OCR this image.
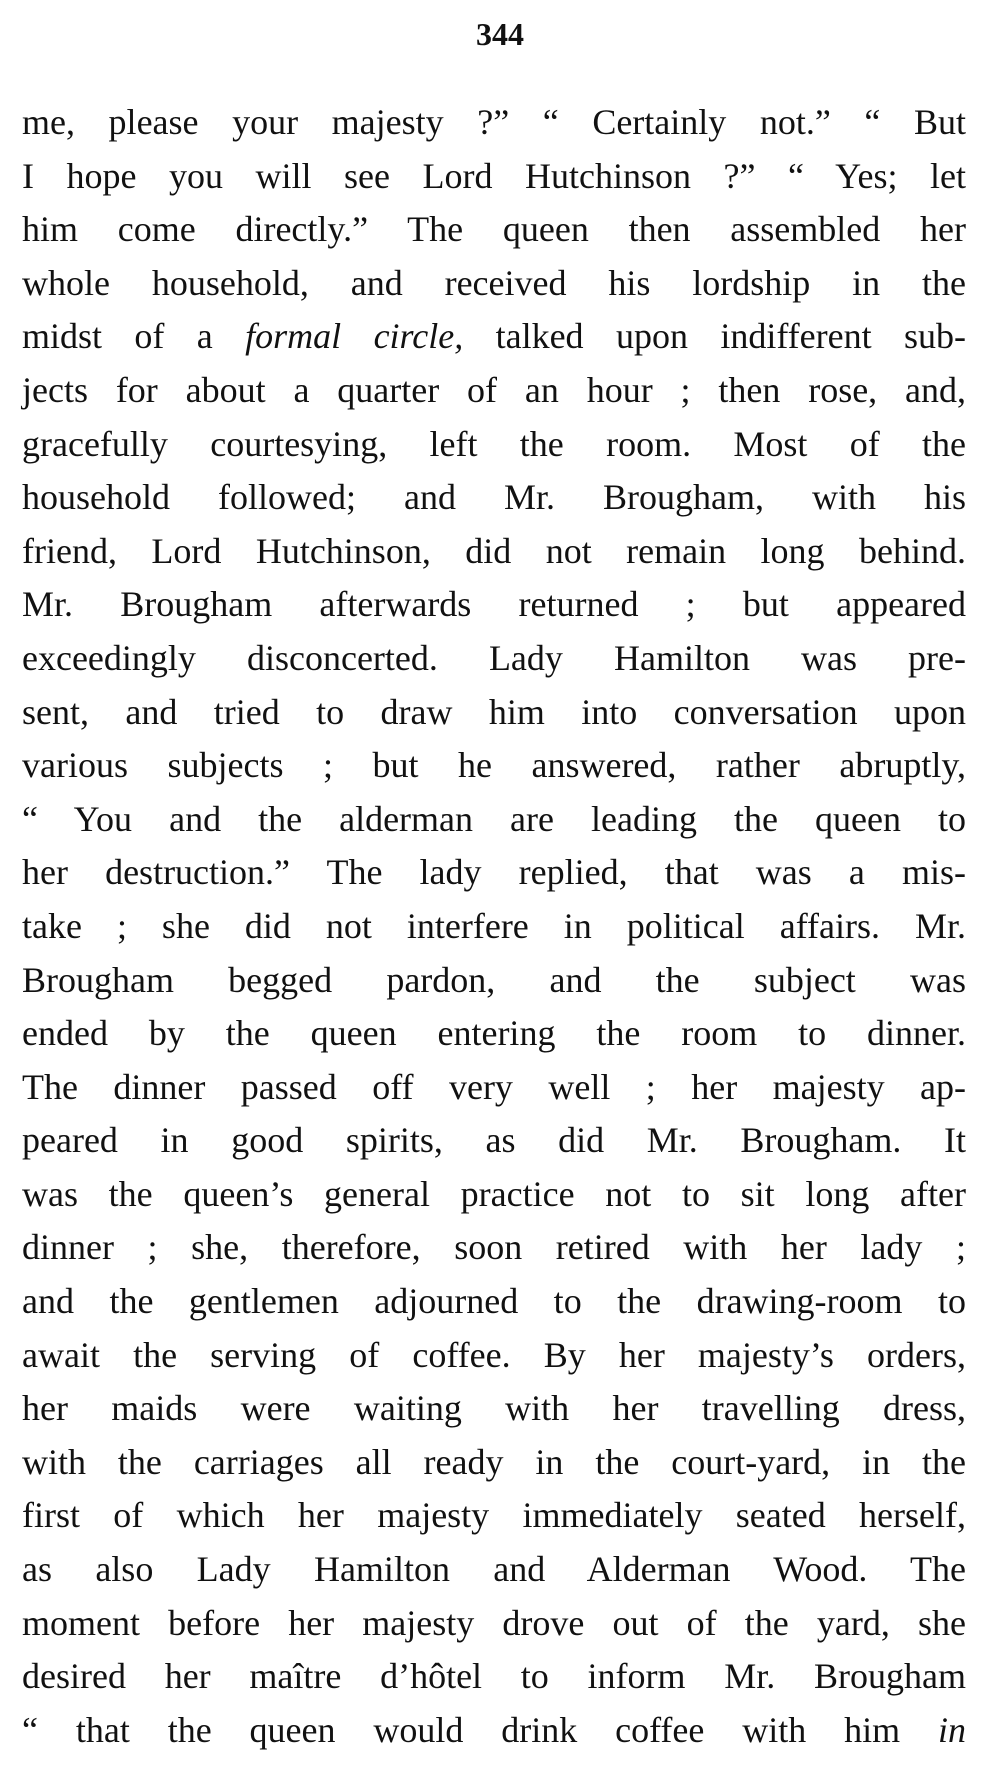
344
me, please your majesty ?” “ Certainly not.” “ But
I hope you will see Lord Hutchinson ?” “ Yes; let
him come directly.” The queen then assembled her
whole household, and received his lordship in the
midst of a formal circle, talked upon indifferent sub-
jects for about a quarter of an hour ; then rose, and,
gracefully courtesying, left the room. Most of the
household followed; and Mr. Brougham, with his
friend, Lord Hutchinson, did not remain long behind.
Mr. Brougham afterwards returned ; but appeared
exceedingly disconcerted. Lady Hamilton was pre-
sent, and tried to draw him into conversation upon
various subjects ; but he answered, rather abruptly,
“ You and the alderman are leading the queen to
her destruction.” The lady replied, that was a mis-
take ; she did not interfere in political affairs. Mr.
Brougham begged pardon, and the subject was
ended by the queen entering the room to dinner.
The dinner passed off very well ; her majesty ap-
peared in good spirits, as did Mr. Brougham. It
was the queen’s general practice not to sit long after
dinner ; she, therefore, soon retired with her lady ;
and the gentlemen adjourned to the drawing-room to
await the serving of coffee. By her majesty’s orders,
her maids were waiting with her travelling dress,
with the carriages all ready in the court-yard, in the
first of which her majesty immediately seated herself,
as also Lady Hamilton and Alderman Wood. The
moment before her majesty drove out of the yard, she
desired her maître d’hôtel to inform Mr. Brougham
“ that the queen would drink coffee with him in
